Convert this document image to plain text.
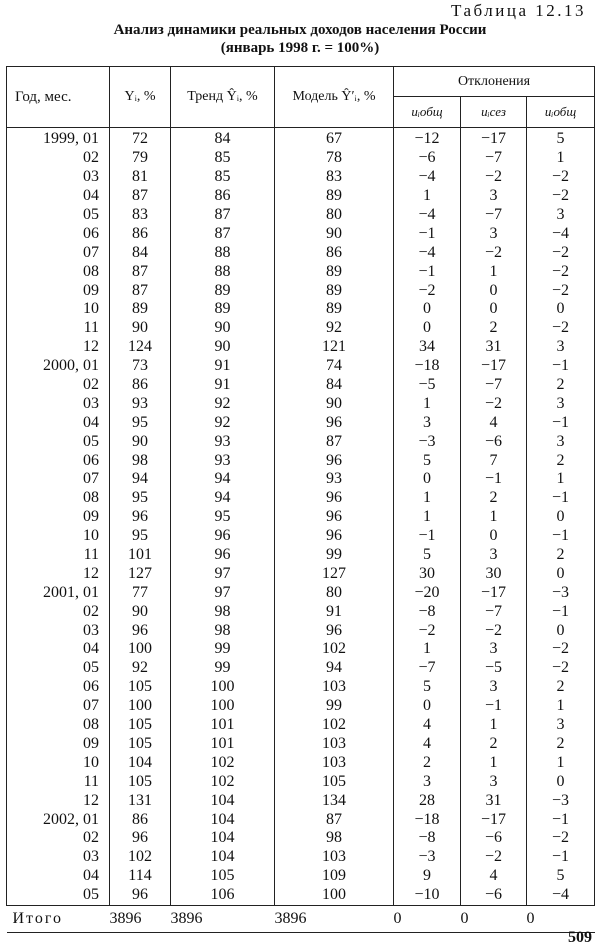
Таблица 12.13
Анализ динамики реальных доходов населения России
(январь 1998 г. = 100%)
Год, мес.	Yᵢ, %	Тренд Ŷᵢ, %	Модель Ŷ′ᵢ, %	Отклонения		
				uᵢобщ	uᵢсез	uᵢобщ
1999, 01	72	84	67	−12	−17	5
02	79	85	78	−6	−7	1
03	81	85	83	−4	−2	−2
04	87	86	89	1	3	−2
05	83	87	80	−4	−7	3
06	86	87	90	−1	3	−4
07	84	88	86	−4	−2	−2
08	87	88	89	−1	1	−2
09	87	89	89	−2	0	−2
10	89	89	89	0	0	0
11	90	90	92	0	2	−2
12	124	90	121	34	31	3
2000, 01	73	91	74	−18	−17	−1
02	86	91	84	−5	−7	2
03	93	92	90	1	−2	3
04	95	92	96	3	4	−1
05	90	93	87	−3	−6	3
06	98	93	96	5	7	2
07	94	94	93	0	−1	1
08	95	94	96	1	2	−1
09	96	95	96	1	1	0
10	95	96	96	−1	0	−1
11	101	96	99	5	3	2
12	127	97	127	30	30	0
2001, 01	77	97	80	−20	−17	−3
02	90	98	91	−8	−7	−1
03	96	98	96	−2	−2	0
04	100	99	102	1	3	−2
05	92	99	94	−7	−5	−2
06	105	100	103	5	3	2
07	100	100	99	0	−1	1
08	105	101	102	4	1	3
09	105	101	103	4	2	2
10	104	102	103	2	1	1
11	105	102	105	3	3	0
12	131	104	134	28	31	−3
2002, 01	86	104	87	−18	−17	−1
02	96	104	98	−8	−6	−2
03	102	104	103	−3	−2	−1
04	114	105	109	9	4	5
05	96	106	100	−10	−6	−4
Итого	3896	3896	3896	0	0	0
509
